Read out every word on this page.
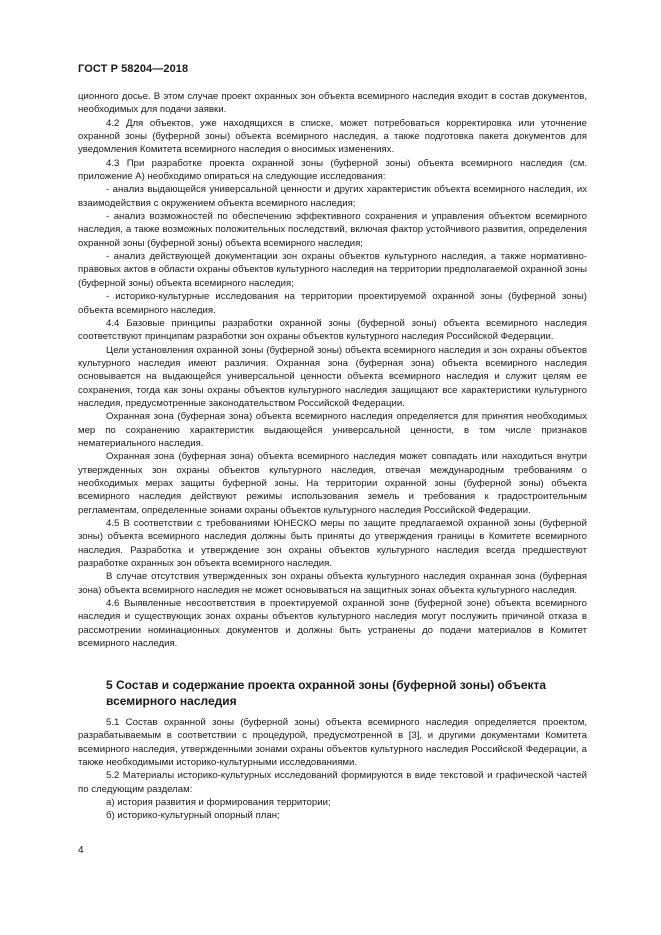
ГОСТ Р 58204—2018

ционного досье. В этом случае проект охранных зон объекта всемирного наследия входит в состав документов, необходимых для подачи заявки.

4.2 Для объектов, уже находящихся в списке, может потребоваться корректировка или уточнение охранной зоны (буферной зоны) объекта всемирного наследия, а также подготовка пакета документов для уведомления Комитета всемирного наследия о вносимых изменениях.

4.3 При разработке проекта охранной зоны (буферной зоны) объекта всемирного наследия (см. приложение А) необходимо опираться на следующие исследования:

- анализ выдающейся универсальной ценности и других характеристик объекта всемирного наследия, их взаимодействия с окружением объекта всемирного наследия;

- анализ возможностей по обеспечению эффективного сохранения и управления объектом всемирного наследия, а также возможных положительных последствий, включая фактор устойчивого развития, определения охранной зоны (буферной зоны) объекта всемирного наследия;

- анализ действующей документации зон охраны объектов культурного наследия, а также нормативно-правовых актов в области охраны объектов культурного наследия на территории предполагаемой охранной зоны (буферной зоны) объекта всемирного наследия;

- историко-культурные исследования на территории проектируемой охранной зоны (буферной зоны) объекта всемирного наследия.

4.4 Базовые принципы разработки охранной зоны (буферной зоны) объекта всемирного наследия соответствуют принципам разработки зон охраны объектов культурного наследия Российской Федерации.

Цели установления охранной зоны (буферной зоны) объекта всемирного наследия и зон охраны объектов культурного наследия имеют различия. Охранная зона (буферная зона) объекта всемирного наследия основывается на выдающейся универсальной ценности объекта всемирного наследия и служит целям ее сохранения, тогда как зоны охраны объектов культурного наследия защищают все характеристики культурного наследия, предусмотренные законодательством Российской Федерации.

Охранная зона (буферная зона) объекта всемирного наследия определяется для принятия необходимых мер по сохранению характеристик выдающейся универсальной ценности, в том числе признаков нематериального наследия.

Охранная зона (буферная зона) объекта всемирного наследия может совпадать или находиться внутри утвержденных зон охраны объектов культурного наследия, отвечая международным требованиям о необходимых мерах защиты буферной зоны. На территории охранной зоны (буферной зоны) объекта всемирного наследия действуют режимы использования земель и требования к градостроительным регламентам, определенные зонами охраны объектов культурного наследия Российской Федерации.

4.5 В соответствии с требованиями ЮНЕСКО меры по защите предлагаемой охранной зоны (буферной зоны) объекта всемирного наследия должны быть приняты до утверждения границы в Комитете всемирного наследия. Разработка и утверждение зон охраны объектов культурного наследия всегда предшествуют разработке охранных зон объекта всемирного наследия.

В случае отсутствия утвержденных зон охраны объекта культурного наследия охранная зона (буферная зона) объекта всемирного наследия не может основываться на защитных зонах объекта культурного наследия.

4.6 Выявленные несоответствия в проектируемой охранной зоне (буферной зоне) объекта всемирного наследия и существующих зонах охраны объектов культурного наследия могут послужить причиной отказа в рассмотрении номинационных документов и должны быть устранены до подачи материалов в Комитет всемирного наследия.

5 Состав и содержание проекта охранной зоны (буферной зоны) объекта всемирного наследия

5.1 Состав охранной зоны (буферной зоны) объекта всемирного наследия определяется проектом, разрабатываемым в соответствии с процедурой, предусмотренной в [3], и другими документами Комитета всемирного наследия, утвержденными зонами охраны объектов культурного наследия Российской Федерации, а также необходимыми историко-культурными исследованиями.

5.2 Материалы историко-культурных исследований формируются в виде текстовой и графической частей по следующим разделам:

а) история развития и формирования территории;

б) историко-культурный опорный план;

4
